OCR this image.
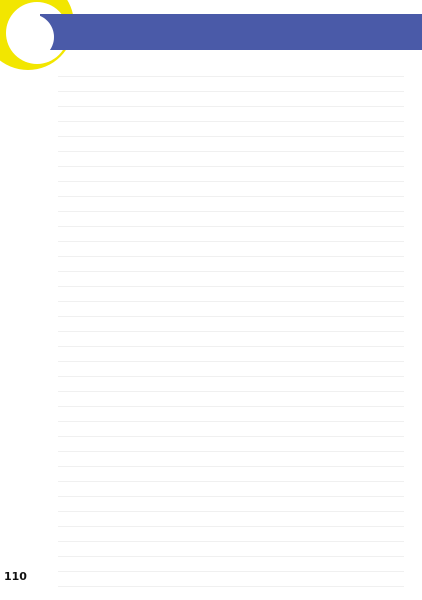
110
